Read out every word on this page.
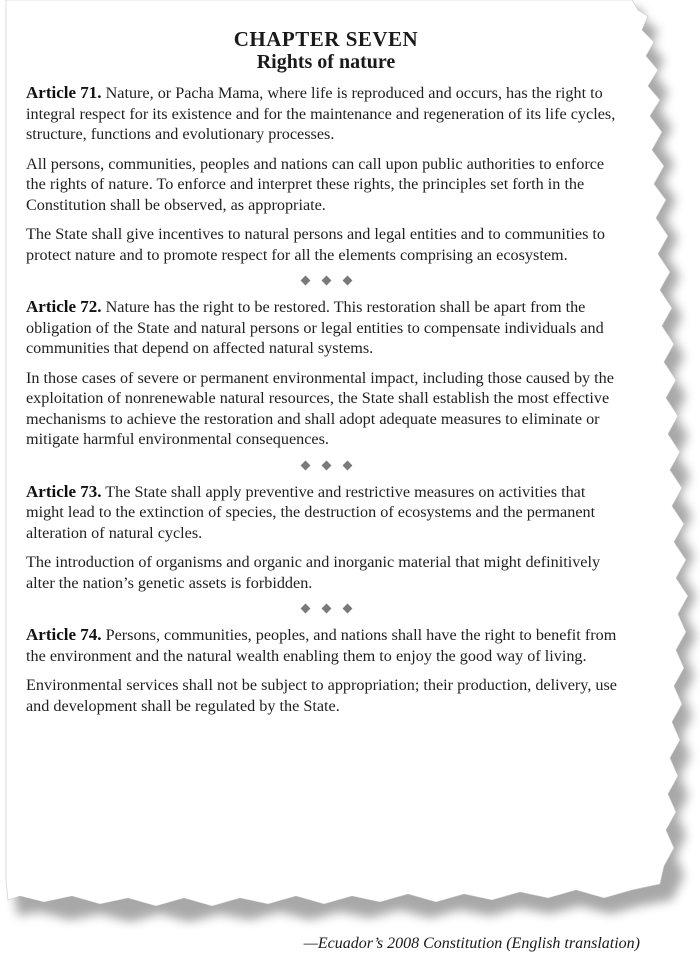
CHAPTER SEVEN
Rights of nature

Article 71. Nature, or Pacha Mama, where life is reproduced and occurs, has the right to integral respect for its existence and for the maintenance and regeneration of its life cycles, structure, functions and evolutionary processes.

All persons, communities, peoples and nations can call upon public authorities to enforce the rights of nature. To enforce and interpret these rights, the principles set forth in the Constitution shall be observed, as appropriate.

The State shall give incentives to natural persons and legal entities and to communities to protect nature and to promote respect for all the elements comprising an ecosystem.

Article 72. Nature has the right to be restored. This restoration shall be apart from the obligation of the State and natural persons or legal entities to compensate individuals and communities that depend on affected natural systems.

In those cases of severe or permanent environmental impact, including those caused by the exploitation of nonrenewable natural resources, the State shall establish the most effective mechanisms to achieve the restoration and shall adopt adequate measures to eliminate or mitigate harmful environmental consequences.

Article 73. The State shall apply preventive and restrictive measures on activities that might lead to the extinction of species, the destruction of ecosystems and the permanent alteration of natural cycles.

The introduction of organisms and organic and inorganic material that might definitively alter the nation’s genetic assets is forbidden.

Article 74. Persons, communities, peoples, and nations shall have the right to benefit from the environment and the natural wealth enabling them to enjoy the good way of living.

Environmental services shall not be subject to appropriation; their production, delivery, use and development shall be regulated by the State.

—Ecuador’s 2008 Constitution (English translation)
